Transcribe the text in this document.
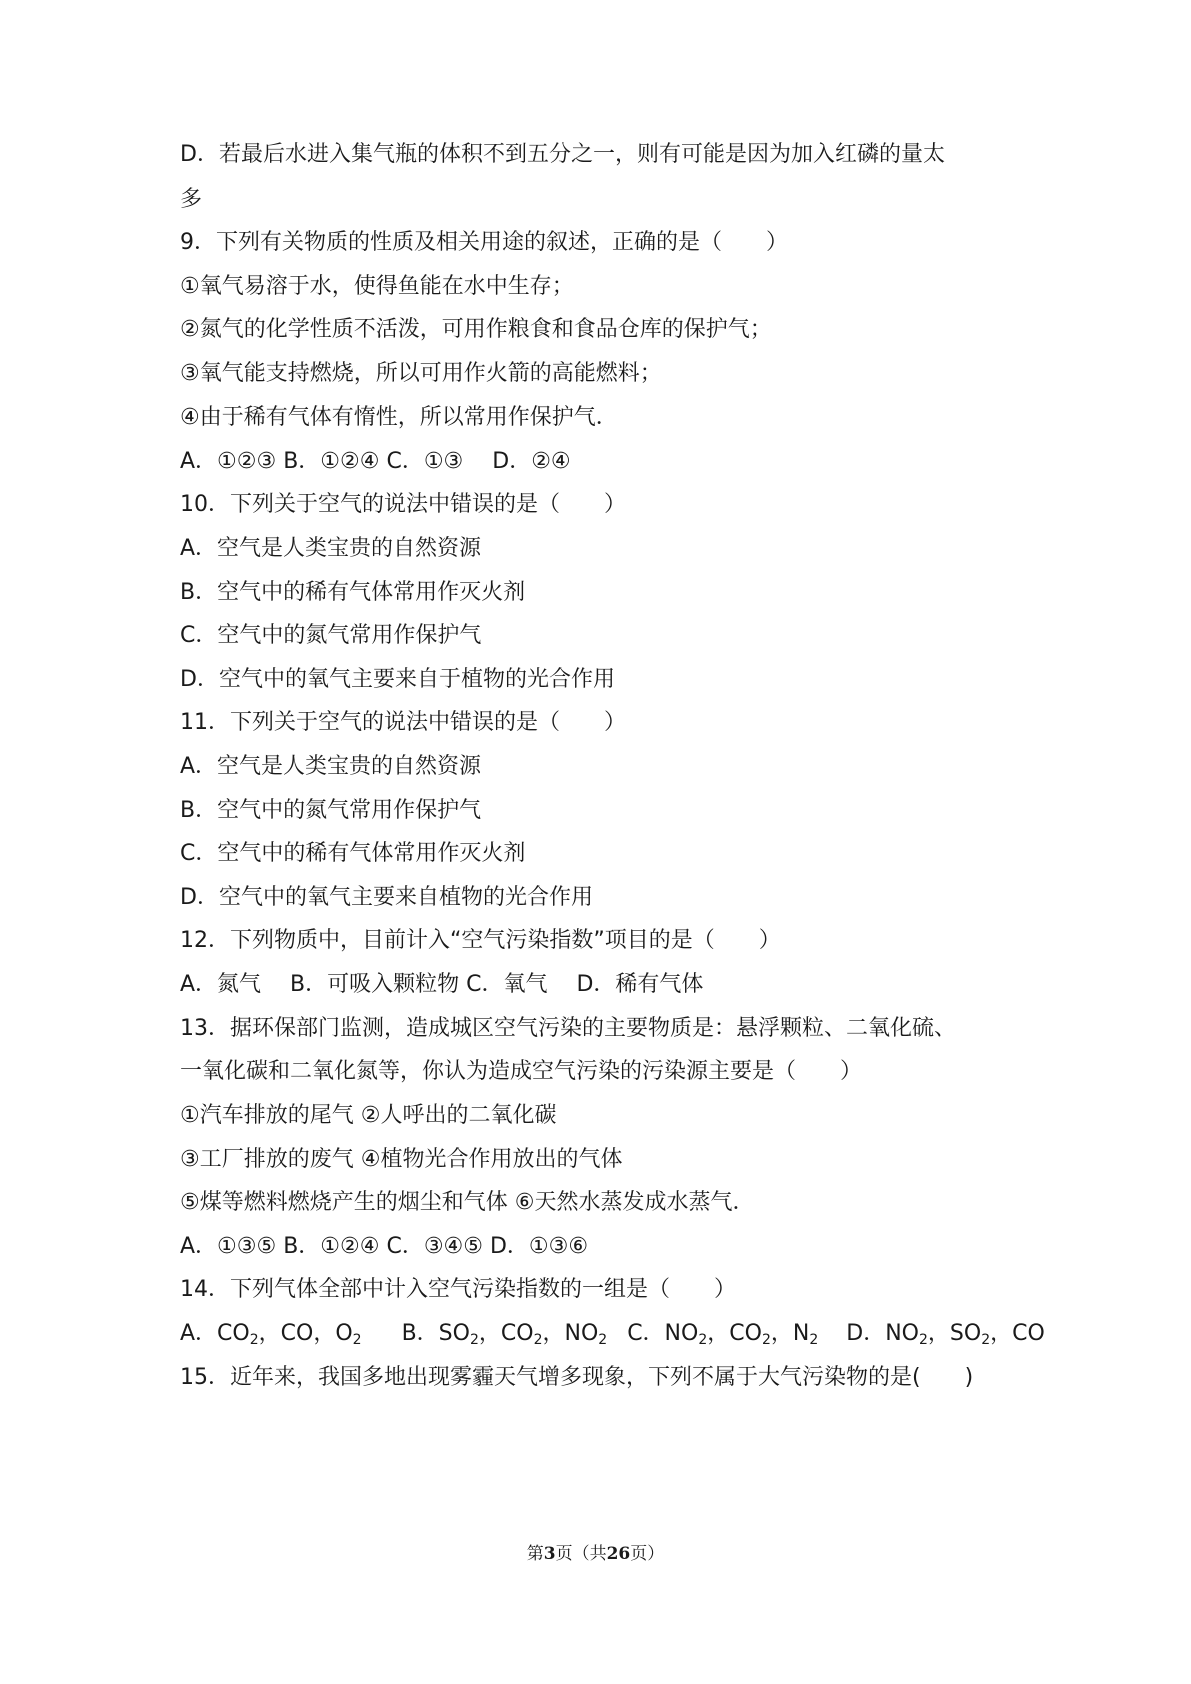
D．若最后水进入集气瓶的体积不到五分之一，则有可能是因为加入红磷的量太
多
9．下列有关物质的性质及相关用途的叙述，正确的是（　　）
①氧气易溶于水，使得鱼能在水中生存；
②氮气的化学性质不活泼，可用作粮食和食品仓库的保护气；
③氧气能支持燃烧，所以可用作火箭的高能燃料；
④由于稀有气体有惰性，所以常用作保护气．
A．①②③ B．①②④ C．①③　 D．②④
10．下列关于空气的说法中错误的是（　　）
A．空气是人类宝贵的自然资源
B．空气中的稀有气体常用作灭火剂
C．空气中的氮气常用作保护气
D．空气中的氧气主要来自于植物的光合作用
11．下列关于空气的说法中错误的是（　　）
A．空气是人类宝贵的自然资源
B．空气中的氮气常用作保护气
C．空气中的稀有气体常用作灭火剂
D．空气中的氧气主要来自植物的光合作用
12．下列物质中，目前计入“空气污染指数”项目的是（　　）
A．氮气　 B．可吸入颗粒物 C．氧气　 D．稀有气体
13．据环保部门监测，造成城区空气污染的主要物质是：悬浮颗粒、二氧化硫、
一氧化碳和二氧化氮等，你认为造成空气污染的污染源主要是（　　）
①汽车排放的尾气 ②人呼出的二氧化碳
③工厂排放的废气 ④植物光合作用放出的气体
⑤煤等燃料燃烧产生的烟尘和气体 ⑥天然水蒸发成水蒸气．
A．①③⑤ B．①②④ C．③④⑤ D．①③⑥
14．下列气体全部中计入空气污染指数的一组是（　　）
A．$CO_2$，CO，$O_2$ B．$SO_2$，$CO_2$，$NO_2$ C．$NO_2$，$CO_2$，$N_2$ D．$NO_2$，$SO_2$，CO
15．近年来，我国多地出现雾霾天气增多现象，下列不属于大气污染物的是(　　)
第3页（共26页）
